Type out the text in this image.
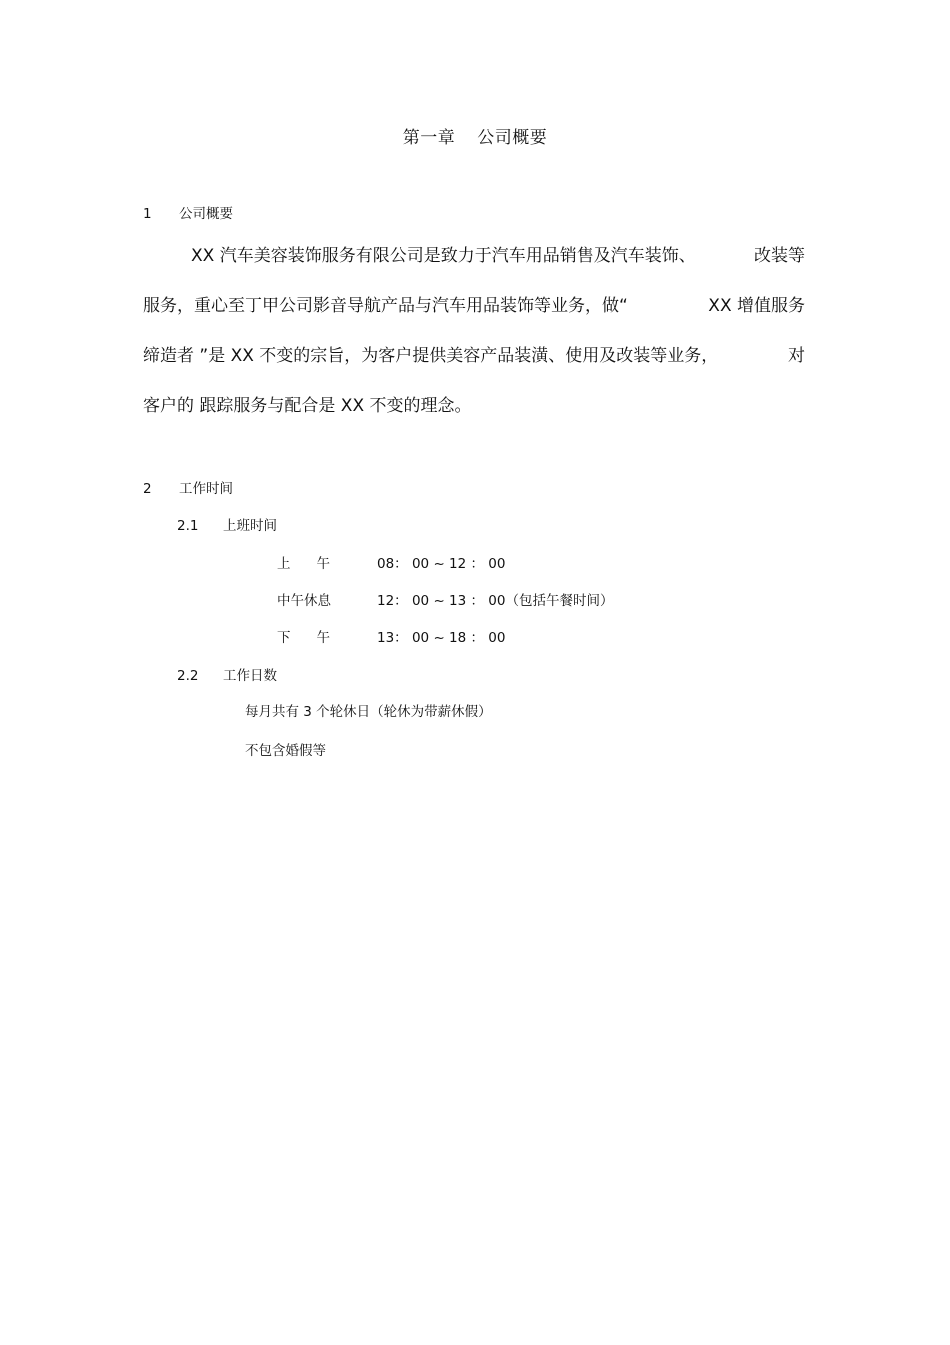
第一章 公司概要
1 公司概要
XX 汽车美容装饰服务有限公司是致力于汽车用品销售及汽车装饰、	改装等
服务，重心至丁甲公司影音导航产品与汽车用品装饰等业务，做“	XX 增值服务
缔造者 ”是 XX 不变的宗旨，为客户提供美容产品装潢、使用及改装等业务，	对
客户的 跟踪服务与配合是 XX 不变的理念。
2 工作时间
2.1 上班时间
上午 08： 00 ~ 12 ： 00
中午休息	12： 00 ~ 13 ： 00（包括午餐时间）
下午 13： 00 ~ 18 ： 00
2.2 工作日数
每月共有 3 个轮休日（轮休为带薪休假）
不包含婚假等
